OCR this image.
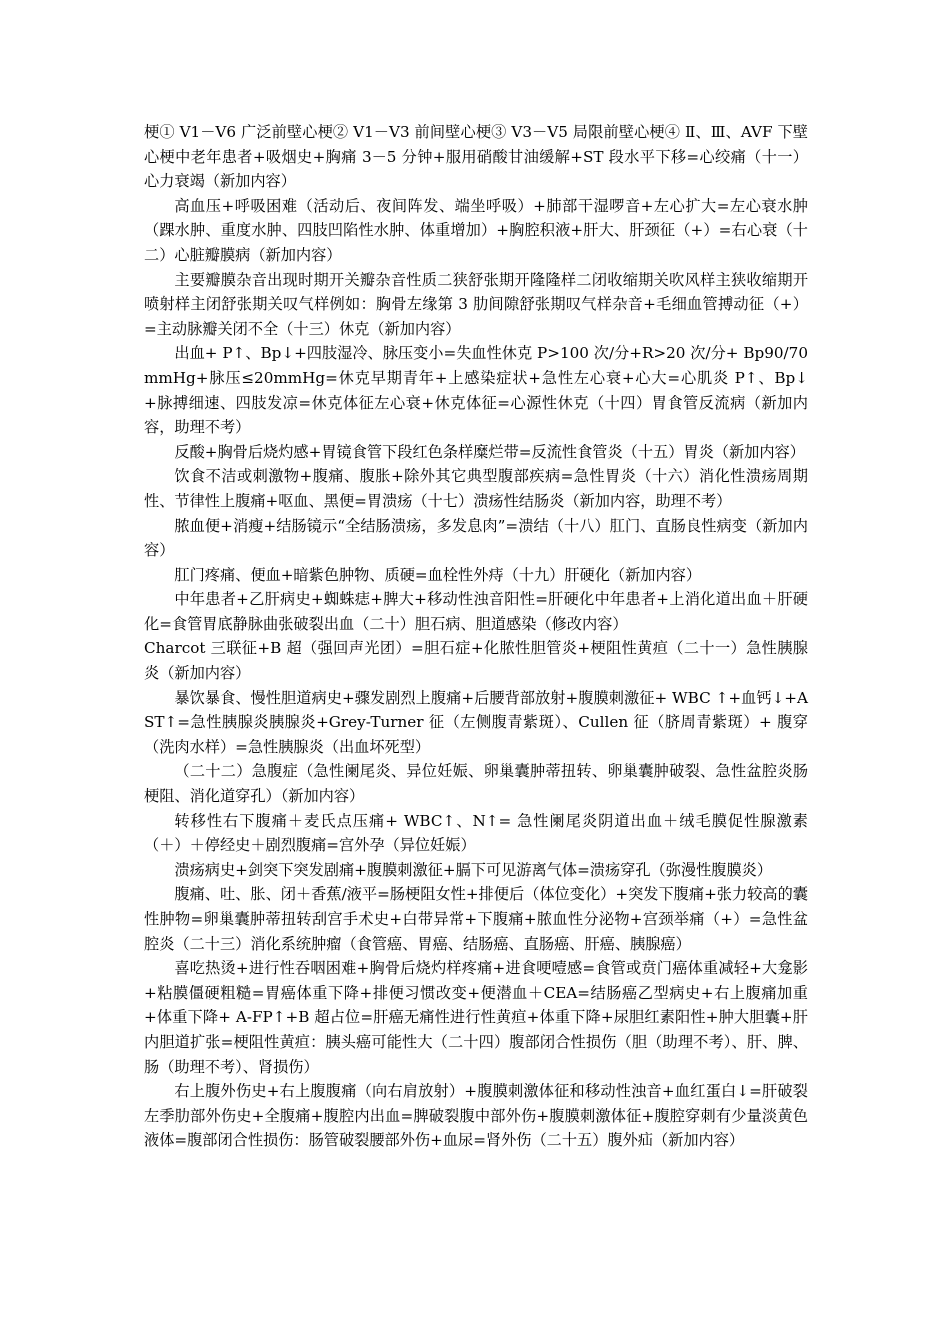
梗① V1－V6 广泛前壁心梗② V1－V3 前间壁心梗③ V3－V5 局限前壁心梗④ Ⅱ、Ⅲ、AVF 下壁心梗中老年患者+吸烟史+胸痛 3－5 分钟+服用硝酸甘油缓解+ST 段水平下移=心绞痛（十一）心力衰竭（新加内容）

高血压+呼吸困难（活动后、夜间阵发、端坐呼吸）+肺部干湿啰音+左心扩大=左心衰水肿（踝水肿、重度水肿、四肢凹陷性水肿、体重增加）+胸腔积液+肝大、肝颈征（+）=右心衰（十二）心脏瓣膜病（新加内容）

主要瓣膜杂音出现时期开关瓣杂音性质二狭舒张期开隆隆样二闭收缩期关吹风样主狭收缩期开喷射样主闭舒张期关叹气样例如：胸骨左缘第 3 肋间隙舒张期叹气样杂音+毛细血管搏动征（+）=主动脉瓣关闭不全（十三）休克（新加内容）

出血+ P↑、Bp↓+四肢湿冷、脉压变小=失血性休克 P>100 次/分+R>20 次/分+ Bp90/70mmHg+脉压≤20mmHg=休克早期青年+上感染症状+急性左心衰+心大=心肌炎 P↑、Bp↓+脉搏细速、四肢发凉=休克体征左心衰+休克体征=心源性休克（十四）胃食管反流病（新加内容，助理不考）

反酸+胸骨后烧灼感+胃镜食管下段红色条样糜烂带=反流性食管炎（十五）胃炎（新加内容）

饮食不洁或刺激物+腹痛、腹胀+除外其它典型腹部疾病=急性胃炎（十六）消化性溃疡周期性、节律性上腹痛+呕血、黑便=胃溃疡（十七）溃疡性结肠炎（新加内容，助理不考）

脓血便+消瘦+结肠镜示“全结肠溃疡，多发息肉”=溃结（十八）肛门、直肠良性病变（新加内容）

肛门疼痛、便血+暗紫色肿物、质硬=血栓性外痔（十九）肝硬化（新加内容）

中年患者+乙肝病史+蜘蛛痣+脾大+移动性浊音阳性=肝硬化中年患者+上消化道出血＋肝硬化=食管胃底静脉曲张破裂出血（二十）胆石病、胆道感染（修改内容）

Charcot 三联征+B 超（强回声光团）=胆石症+化脓性胆管炎+梗阻性黄疸（二十一）急性胰腺炎（新加内容）

暴饮暴食、慢性胆道病史+骤发剧烈上腹痛+后腰背部放射+腹膜刺激征+ WBC ↑+血钙↓+AST↑=急性胰腺炎胰腺炎+Grey-Turner 征（左侧腹青紫斑）、Cullen 征（脐周青紫斑）+ 腹穿（洗肉水样）=急性胰腺炎（出血坏死型）

（二十二）急腹症（急性阑尾炎、异位妊娠、卵巢囊肿蒂扭转、卵巢囊肿破裂、急性盆腔炎肠梗阻、消化道穿孔）（新加内容）

转移性右下腹痛＋麦氏点压痛+ WBC↑、N↑= 急性阑尾炎阴道出血＋绒毛膜促性腺激素（＋）＋停经史＋剧烈腹痛=宫外孕（异位妊娠）

溃疡病史+剑突下突发剧痛+腹膜刺激征+膈下可见游离气体=溃疡穿孔（弥漫性腹膜炎）

腹痛、吐、胀、闭＋香蕉/液平=肠梗阻女性+排便后（体位变化）+突发下腹痛+张力较高的囊性肿物=卵巢囊肿蒂扭转刮宫手术史+白带异常+下腹痛+脓血性分泌物+宫颈举痛（+）=急性盆腔炎（二十三）消化系统肿瘤（食管癌、胃癌、结肠癌、直肠癌、肝癌、胰腺癌）

喜吃热烫+进行性吞咽困难+胸骨后烧灼样疼痛+进食哽噎感=食管或贲门癌体重减轻+大龛影+粘膜僵硬粗糙=胃癌体重下降+排便习惯改变+便潜血＋CEA=结肠癌乙型病史+右上腹痛加重+体重下降+ A-FP↑+B 超占位=肝癌无痛性进行性黄疸+体重下降+尿胆红素阳性+肿大胆囊+肝内胆道扩张=梗阻性黄疸：胰头癌可能性大（二十四）腹部闭合性损伤（胆（助理不考）、肝、脾、肠（助理不考）、肾损伤）

右上腹外伤史+右上腹腹痛（向右肩放射）+腹膜刺激体征和移动性浊音+血红蛋白↓=肝破裂左季肋部外伤史+全腹痛+腹腔内出血=脾破裂腹中部外伤+腹膜刺激体征+腹腔穿刺有少量淡黄色液体=腹部闭合性损伤：肠管破裂腰部外伤+血尿=肾外伤（二十五）腹外疝（新加内容）
